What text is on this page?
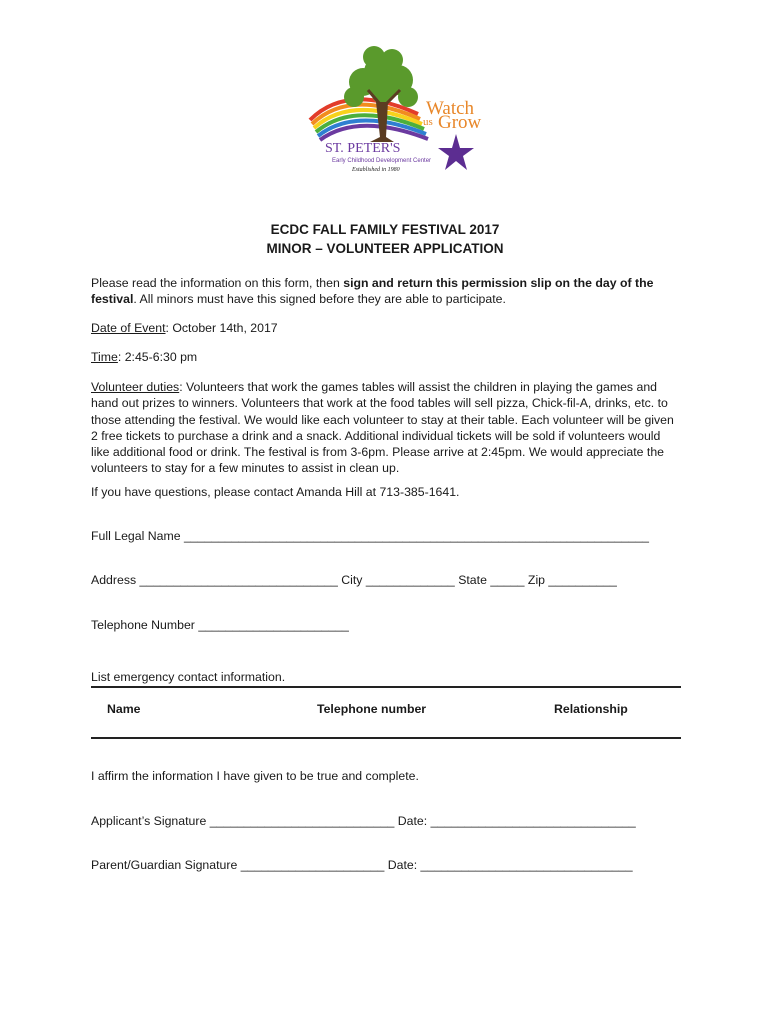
Watch
us Grow
ST. PETER'S
Early Childhood Development Center
Established in 1980
ECDC FALL FAMILY FESTIVAL 2017
MINOR – VOLUNTEER APPLICATION

Please read the information on this form, then sign and return this permission slip on the day of the
festival. All minors must have this signed before they are able to participate.

Date of Event: October 14th, 2017
Time: 2:45-6:30 pm

Volunteer duties: Volunteers that work the games tables will assist the children in playing the games and hand out prizes to winners. Volunteers that work at the food tables will sell pizza, Chick-fil-A, drinks, etc. to those attending the festival. We would like each volunteer to stay at their table. Each volunteer will be given 2 free tickets to purchase a drink and a snack. Additional individual tickets will be sold if volunteers would like additional food or drink. The festival is from 3-6pm. Please arrive at 2:45pm. We would appreciate the volunteers to stay for a few minutes to assist in clean up.

If you have questions, please contact Amanda Hill at 713-385-1641.
Full Legal Name ____________________________________________________________________
Address _____________________________ City _____________ State _____ Zip __________
Telephone Number ______________________
List emergency contact information.
Name	Telephone number	Relationship
I affirm the information I have given to be true and complete.
Applicant’s Signature ___________________________ Date: ______________________________
Parent/Guardian Signature _____________________ Date: _______________________________
